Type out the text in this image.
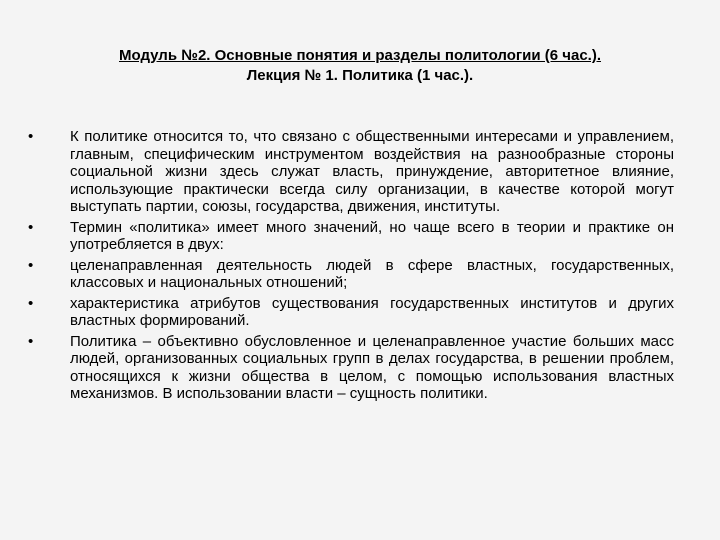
Модуль №2. Основные понятия и разделы политологии (6 час.).
Лекция № 1. Политика (1 час.).
•	К политике относится то, что связано с общественными интересами и управлением, главным, специфическим инструментом воздействия на разнообразные стороны социальной жизни здесь служат власть, принуждение, авторитетное влияние, использующие практически всегда силу организации, в качестве которой могут выступать партии, союзы, государства, движения, институты.
•	Термин «политика» имеет много значений, но чаще всего в теории и практике он употребляется в двух:
•	целенаправленная деятельность людей в сфере властных, государственных, классовых и национальных отношений;
•	характеристика атрибутов существования государственных институтов и других властных формирований.
•	Политика – объективно обусловленное и целенаправленное участие больших масс людей, организованных социальных групп в делах государства, в решении проблем, относящихся к жизни общества в целом, с помощью использования властных механизмов. В использовании власти – сущность политики.
